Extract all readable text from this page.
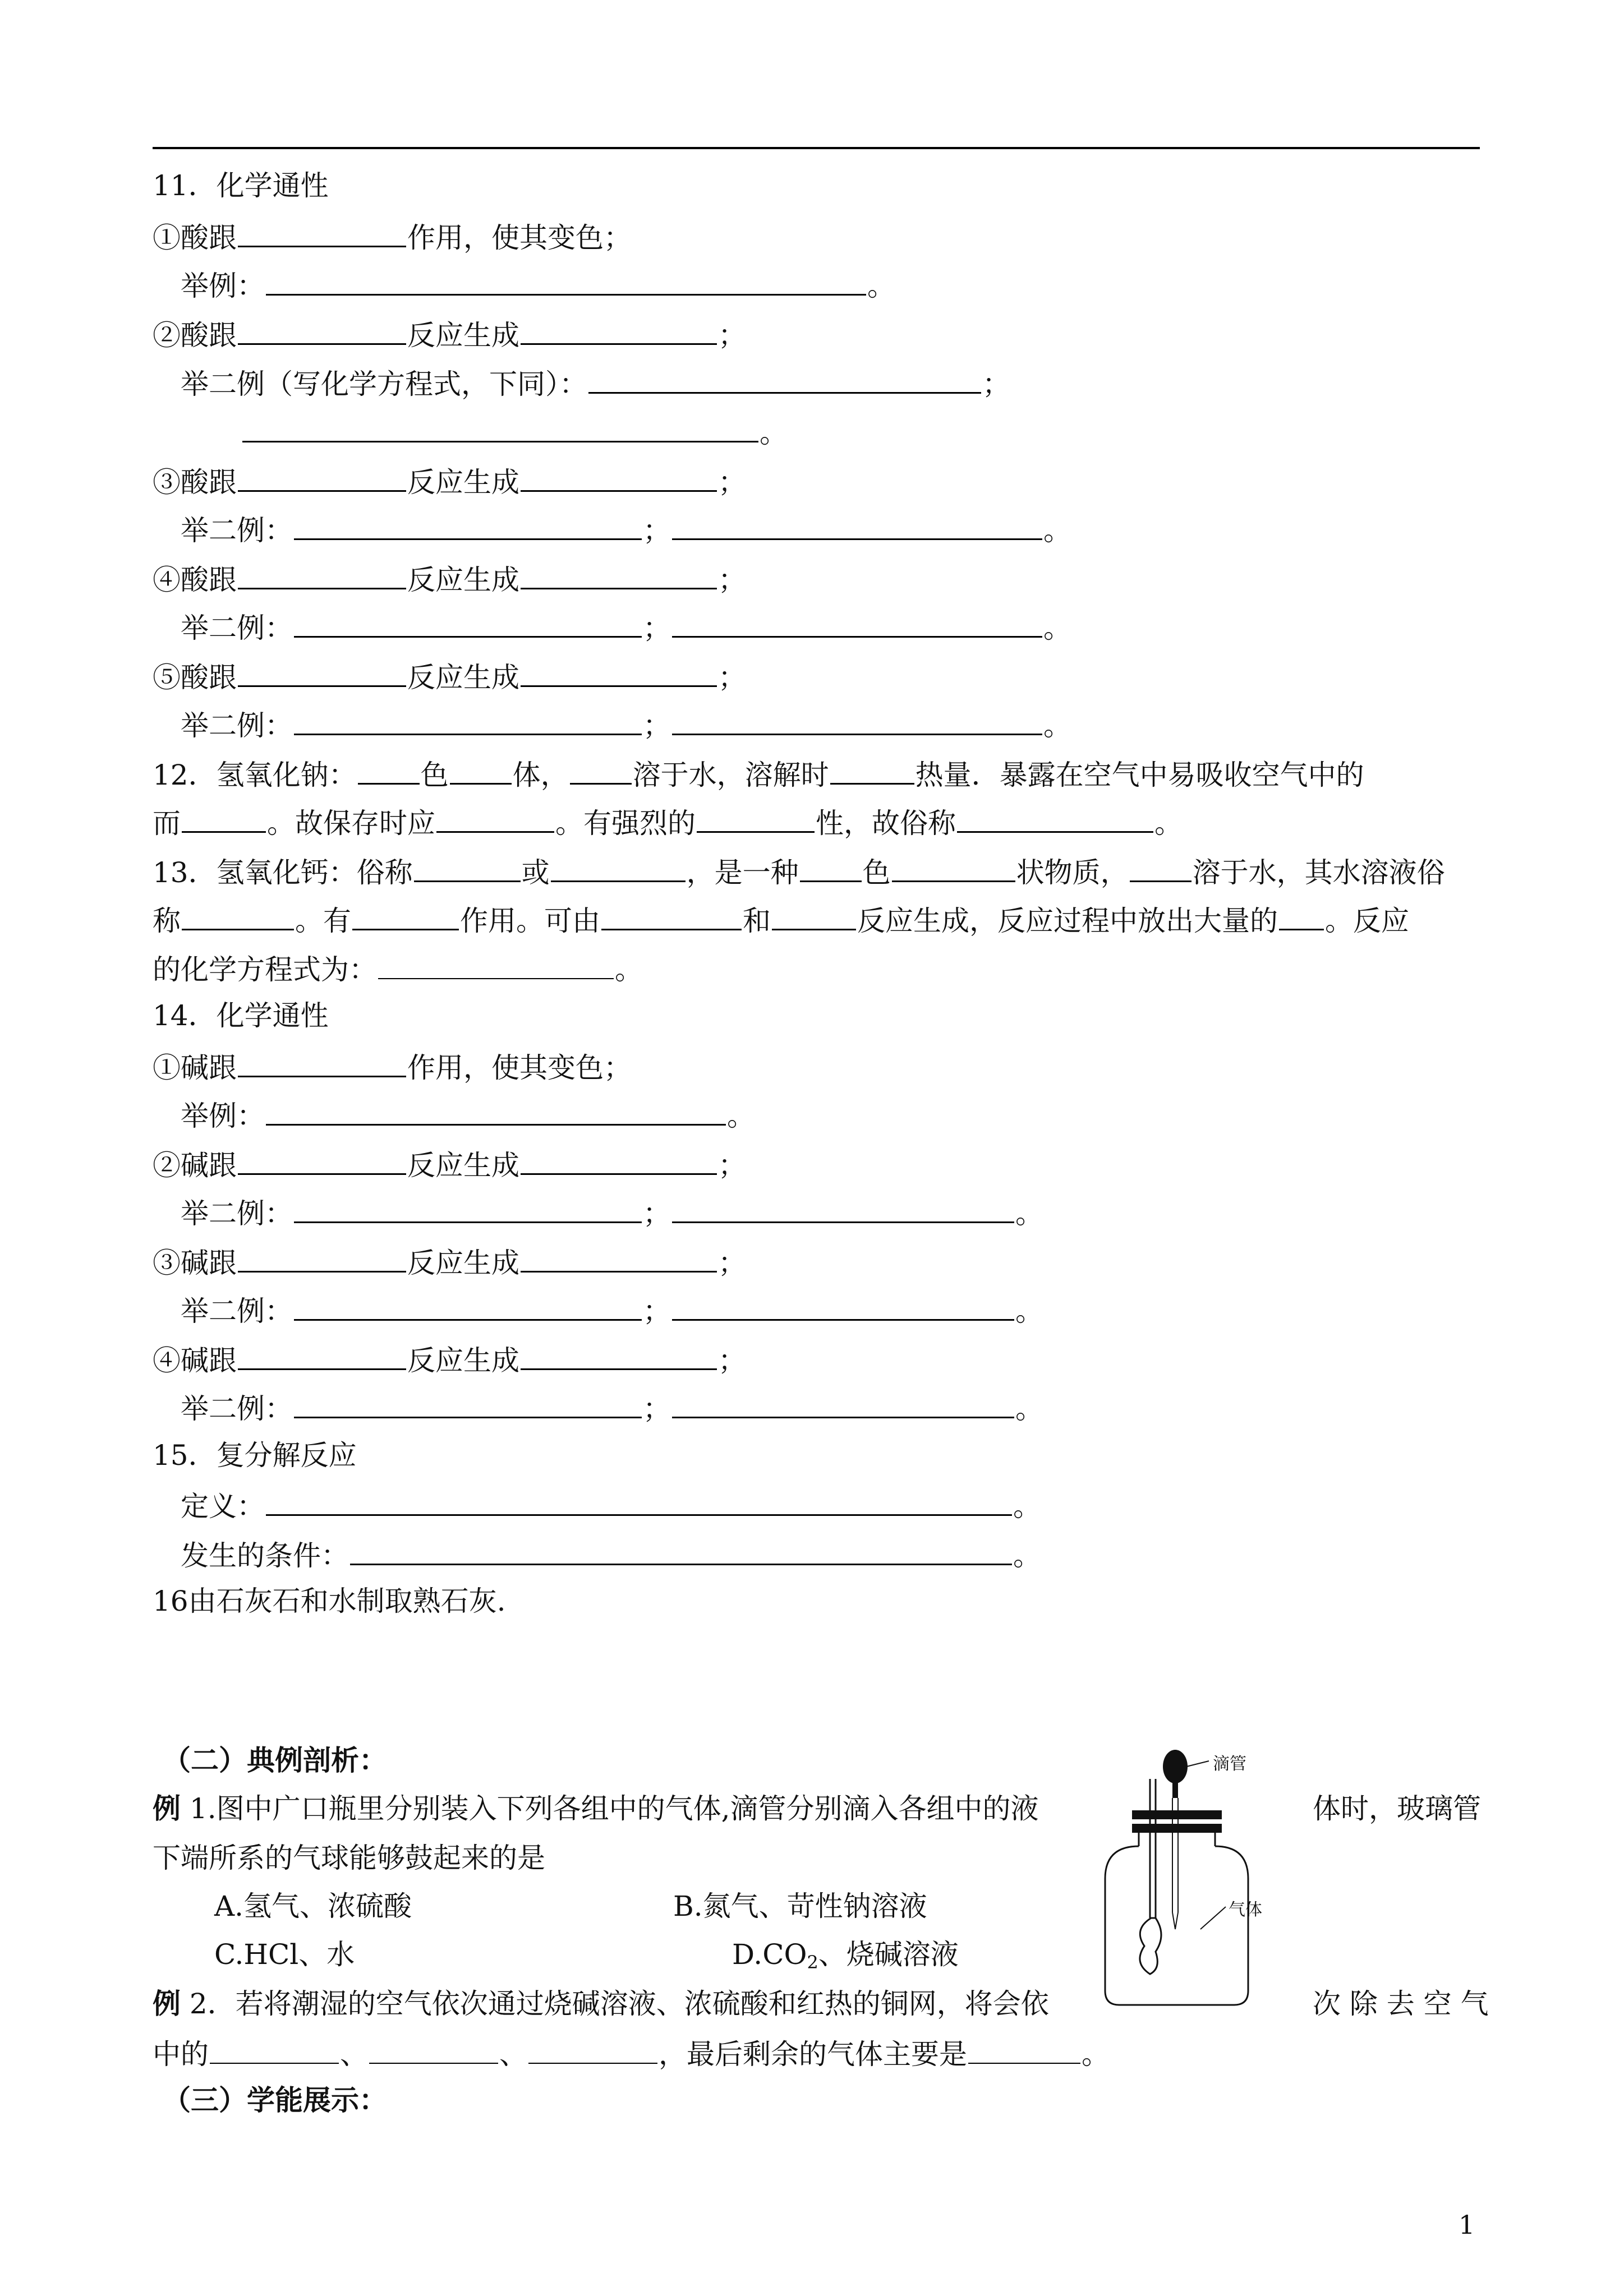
11．化学通性
①酸跟	作用，使其变色；
举例：	。
②酸跟	反应生成	；
举二例（写化学方程式，下同）：	；
。
③酸跟	反应生成	；
举二例：	；	。
④酸跟	反应生成	；
举二例：	；	。
⑤酸跟	反应生成	；
举二例：	；	。
12．氢氧化钠： 色 体， 溶于水，溶解时	热量．暴露在空气中易吸收空气中的
而	。故保存时应	。有强烈的	性，故俗称	。
13．氢氧化钙：俗称	或	，是一种 色	状物质， 溶于水，其水溶液俗
称	。有	作用。可由	和	反应生成，反应过程中放出大量的 。反应
的化学方程式为：	。
14．化学通性
①碱跟	作用，使其变色；
举例：	。
②碱跟	反应生成	；
举二例：	；	。
③碱跟	反应生成	；
举二例：	；	。
④碱跟	反应生成	；
举二例：	；	。
15．复分解反应
定义：	。
发生的条件：	。
16由石灰石和水制取熟石灰.
（二）典例剖析：
例 1.图中广口瓶里分别装入下列各组中的气体,滴管分别滴入各组中的液	体时，玻璃管
下端所系的气球能够鼓起来的是
A.氢气、浓硫酸	B.氮气、苛性钠溶液
C.HCl、水	$D.CO_2$、烧碱溶液
例 2．若将潮湿的空气依次通过烧碱溶液、浓硫酸和红热的铜网，将会依	次 除 去 空 气
中的	、	、	，最后剩余的气体主要是	。
（三）学能展示：
滴管
气体
1
